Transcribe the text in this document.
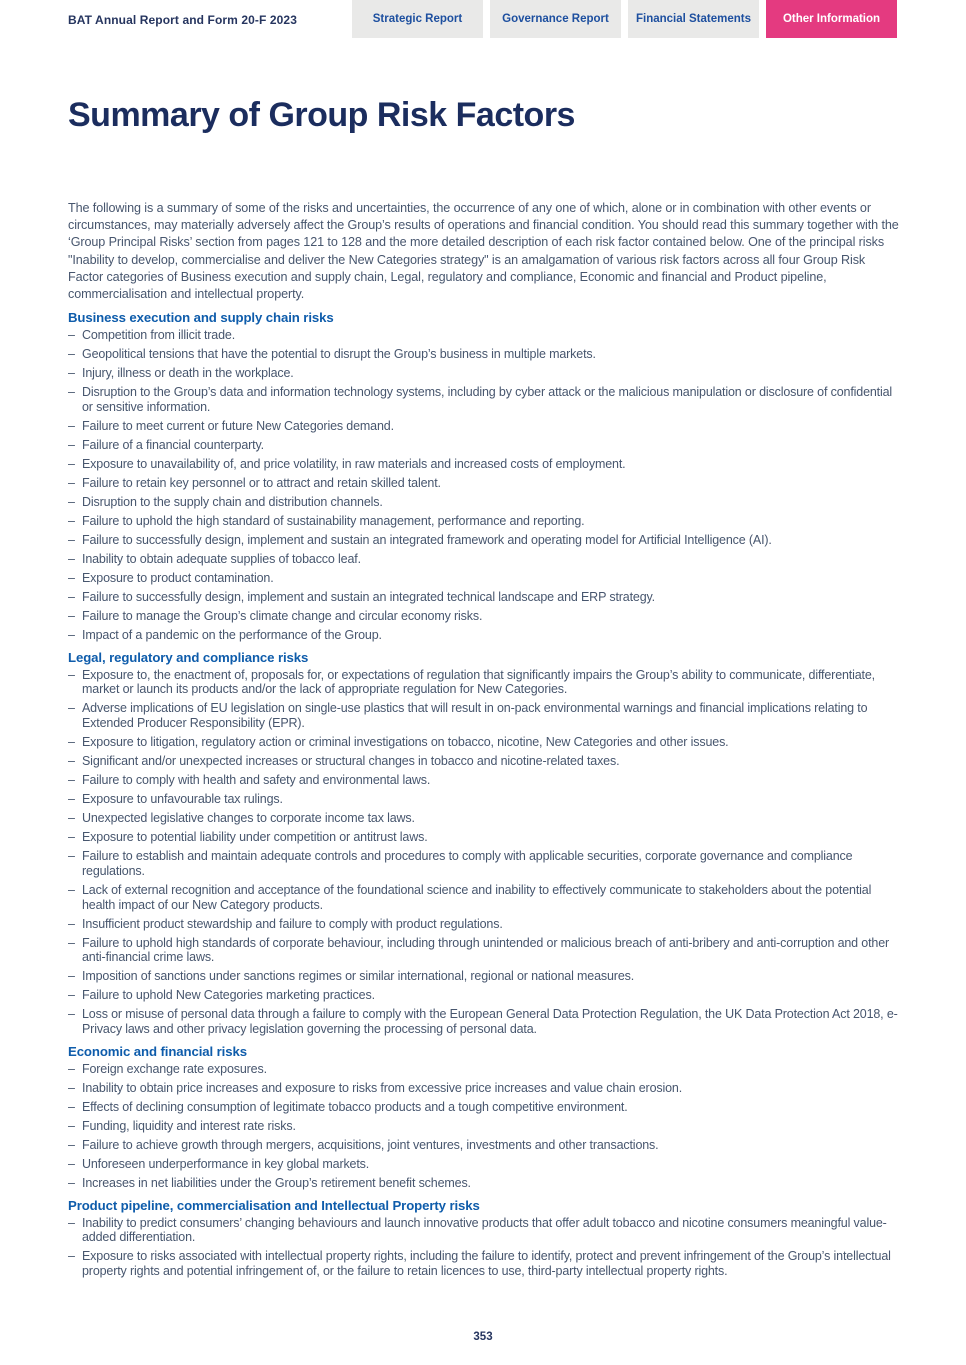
BAT Annual Report and Form 20-F 2023	Strategic Report	Governance Report	Financial Statements	Other Information
Summary of Group Risk Factors

The following is a summary of some of the risks and uncertainties, the occurrence of any one of which, alone or in combination with other events or circumstances, may materially adversely affect the Group’s results of operations and financial condition. You should read this summary together with the ‘Group Principal Risks’ section from pages 121 to 128 and the more detailed description of each risk factor contained below. One of the principal risks "Inability to develop, commercialise and deliver the New Categories strategy" is an amalgamation of various risk factors across all four Group Risk Factor categories of Business execution and supply chain, Legal, regulatory and compliance, Economic and financial and Product pipeline, commercialisation and intellectual property.

Business execution and supply chain risks
– Competition from illicit trade.
– Geopolitical tensions that have the potential to disrupt the Group’s business in multiple markets.
– Injury, illness or death in the workplace.
– Disruption to the Group’s data and information technology systems, including by cyber attack or the malicious manipulation or disclosure of confidential or sensitive information.
– Failure to meet current or future New Categories demand.
– Failure of a financial counterparty.
– Exposure to unavailability of, and price volatility, in raw materials and increased costs of employment.
– Failure to retain key personnel or to attract and retain skilled talent.
– Disruption to the supply chain and distribution channels.
– Failure to uphold the high standard of sustainability management, performance and reporting.
– Failure to successfully design, implement and sustain an integrated framework and operating model for Artificial Intelligence (AI).
– Inability to obtain adequate supplies of tobacco leaf.
– Exposure to product contamination.
– Failure to successfully design, implement and sustain an integrated technical landscape and ERP strategy.
– Failure to manage the Group’s climate change and circular economy risks.
– Impact of a pandemic on the performance of the Group.
Legal, regulatory and compliance risks
– Exposure to, the enactment of, proposals for, or expectations of regulation that significantly impairs the Group’s ability to communicate, differentiate, market or launch its products and/or the lack of appropriate regulation for New Categories.
– Adverse implications of EU legislation on single-use plastics that will result in on-pack environmental warnings and financial implications relating to Extended Producer Responsibility (EPR).
– Exposure to litigation, regulatory action or criminal investigations on tobacco, nicotine, New Categories and other issues.
– Significant and/or unexpected increases or structural changes in tobacco and nicotine-related taxes.
– Failure to comply with health and safety and environmental laws.
– Exposure to unfavourable tax rulings.
– Unexpected legislative changes to corporate income tax laws.
– Exposure to potential liability under competition or antitrust laws.
– Failure to establish and maintain adequate controls and procedures to comply with applicable securities, corporate governance and compliance regulations.
– Lack of external recognition and acceptance of the foundational science and inability to effectively communicate to stakeholders about the potential health impact of our New Category products.
– Insufficient product stewardship and failure to comply with product regulations.
– Failure to uphold high standards of corporate behaviour, including through unintended or malicious breach of anti-bribery and anti-corruption and other anti-financial crime laws.
– Imposition of sanctions under sanctions regimes or similar international, regional or national measures.
– Failure to uphold New Categories marketing practices.
– Loss or misuse of personal data through a failure to comply with the European General Data Protection Regulation, the UK Data Protection Act 2018, e-Privacy laws and other privacy legislation governing the processing of personal data.
Economic and financial risks
– Foreign exchange rate exposures.
– Inability to obtain price increases and exposure to risks from excessive price increases and value chain erosion.
– Effects of declining consumption of legitimate tobacco products and a tough competitive environment.
– Funding, liquidity and interest rate risks.
– Failure to achieve growth through mergers, acquisitions, joint ventures, investments and other transactions.
– Unforeseen underperformance in key global markets.
– Increases in net liabilities under the Group’s retirement benefit schemes.
Product pipeline, commercialisation and Intellectual Property risks
– Inability to predict consumers’ changing behaviours and launch innovative products that offer adult tobacco and nicotine consumers meaningful value-added differentiation.
– Exposure to risks associated with intellectual property rights, including the failure to identify, protect and prevent infringement of the Group’s intellectual property rights and potential infringement of, or the failure to retain licences to use, third-party intellectual property rights.
353
